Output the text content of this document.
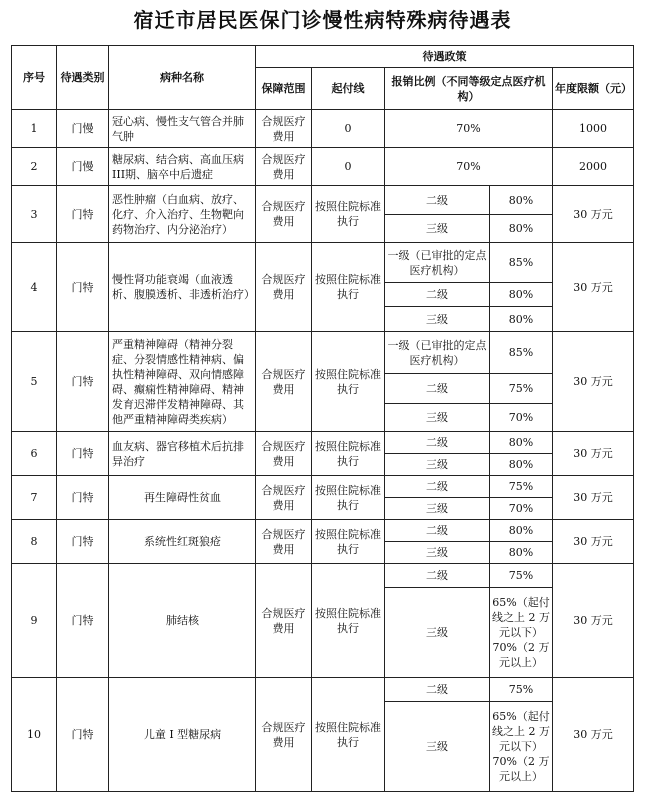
宿迁市居民医保门诊慢性病特殊病待遇表
序号	待遇类别	病种名称	待遇政策				
			保障范围	起付线	报销比例（不同等级定点医疗机构）		年度限额（元）
1	门慢	冠心病、慢性支气管合并肺气肿	合规医疗费用	0	70%		1000
2	门慢	糖尿病、结合病、高血压病III期、脑卒中后遗症	合规医疗费用	0	70%		2000
3	门特	恶性肿瘤（白血病、放疗、化疗、介入治疗、生物靶向药物治疗、内分泌治疗）	合规医疗费用	按照住院标准执行	二级	80%	30 万元
					三级	80%	
4	门特	慢性肾功能衰竭（血液透析、腹膜透析、非透析治疗）	合规医疗费用	按照住院标准执行	一级（已审批的定点医疗机构）	85%	30 万元
					二级	80%	
					三级	80%	
5	门特	严重精神障碍（精神分裂症、分裂情感性精神病、偏执性精神障碍、双向情感障碍、癫痫性精神障碍、精神发育迟滞伴发精神障碍、其他严重精神障碍类疾病）	合规医疗费用	按照住院标准执行	一级（已审批的定点医疗机构）	85%	30 万元
					二级	75%	
					三级	70%	
6	门特	血友病、器官移植术后抗排异治疗	合规医疗费用	按照住院标准执行	二级	80%	30 万元
					三级	80%	
7	门特	再生障碍性贫血	合规医疗费用	按照住院标准执行	二级	75%	30 万元
					三级	70%	
8	门特	系统性红斑狼疮	合规医疗费用	按照住院标准执行	二级	80%	30 万元
					三级	80%	
9	门特	肺结核	合规医疗费用	按照住院标准执行	二级	75%	30 万元
					三级	65%（起付线之上 2 万元以下）70%（2 万元以上）	
10	门特	儿童 I 型糖尿病	合规医疗费用	按照住院标准执行	二级	75%	30 万元
					三级	65%（起付线之上 2 万元以下）70%（2 万元以上）	
